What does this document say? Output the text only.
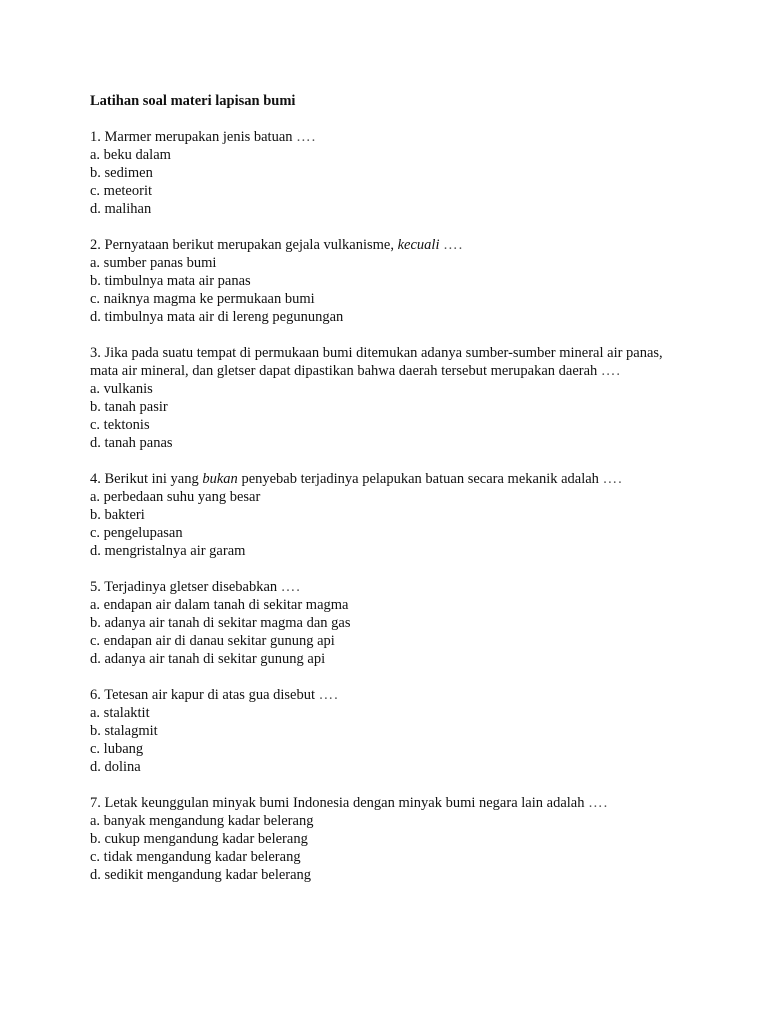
Latihan soal materi lapisan bumi

1. Marmer merupakan jenis batuan ….

a. beku dalam

b. sedimen

c. meteorit

d. malihan

2. Pernyataan berikut merupakan gejala vulkanisme, kecuali ….

a. sumber panas bumi

b. timbulnya mata air panas

c. naiknya magma ke permukaan bumi

d. timbulnya mata air di lereng pegunungan

3. Jika pada suatu tempat di permukaan bumi ditemukan adanya sumber-sumber mineral air panas, mata air mineral, dan gletser dapat dipastikan bahwa daerah tersebut merupakan daerah ….

a. vulkanis

b. tanah pasir

c. tektonis

d. tanah panas

4. Berikut ini yang bukan penyebab terjadinya pelapukan batuan secara mekanik adalah ….

a. perbedaan suhu yang besar

b. bakteri

c. pengelupasan

d. mengristalnya air garam

5. Terjadinya gletser disebabkan ….

a. endapan air dalam tanah di sekitar magma

b. adanya air tanah di sekitar magma dan gas

c. endapan air di danau sekitar gunung api

d. adanya air tanah di sekitar gunung api

6. Tetesan air kapur di atas gua disebut ….

a. stalaktit

b. stalagmit

c. lubang

d. dolina

7. Letak keunggulan minyak bumi Indonesia dengan minyak bumi negara lain adalah ….

a. banyak mengandung kadar belerang

b. cukup mengandung kadar belerang

c. tidak mengandung kadar belerang

d. sedikit mengandung kadar belerang
